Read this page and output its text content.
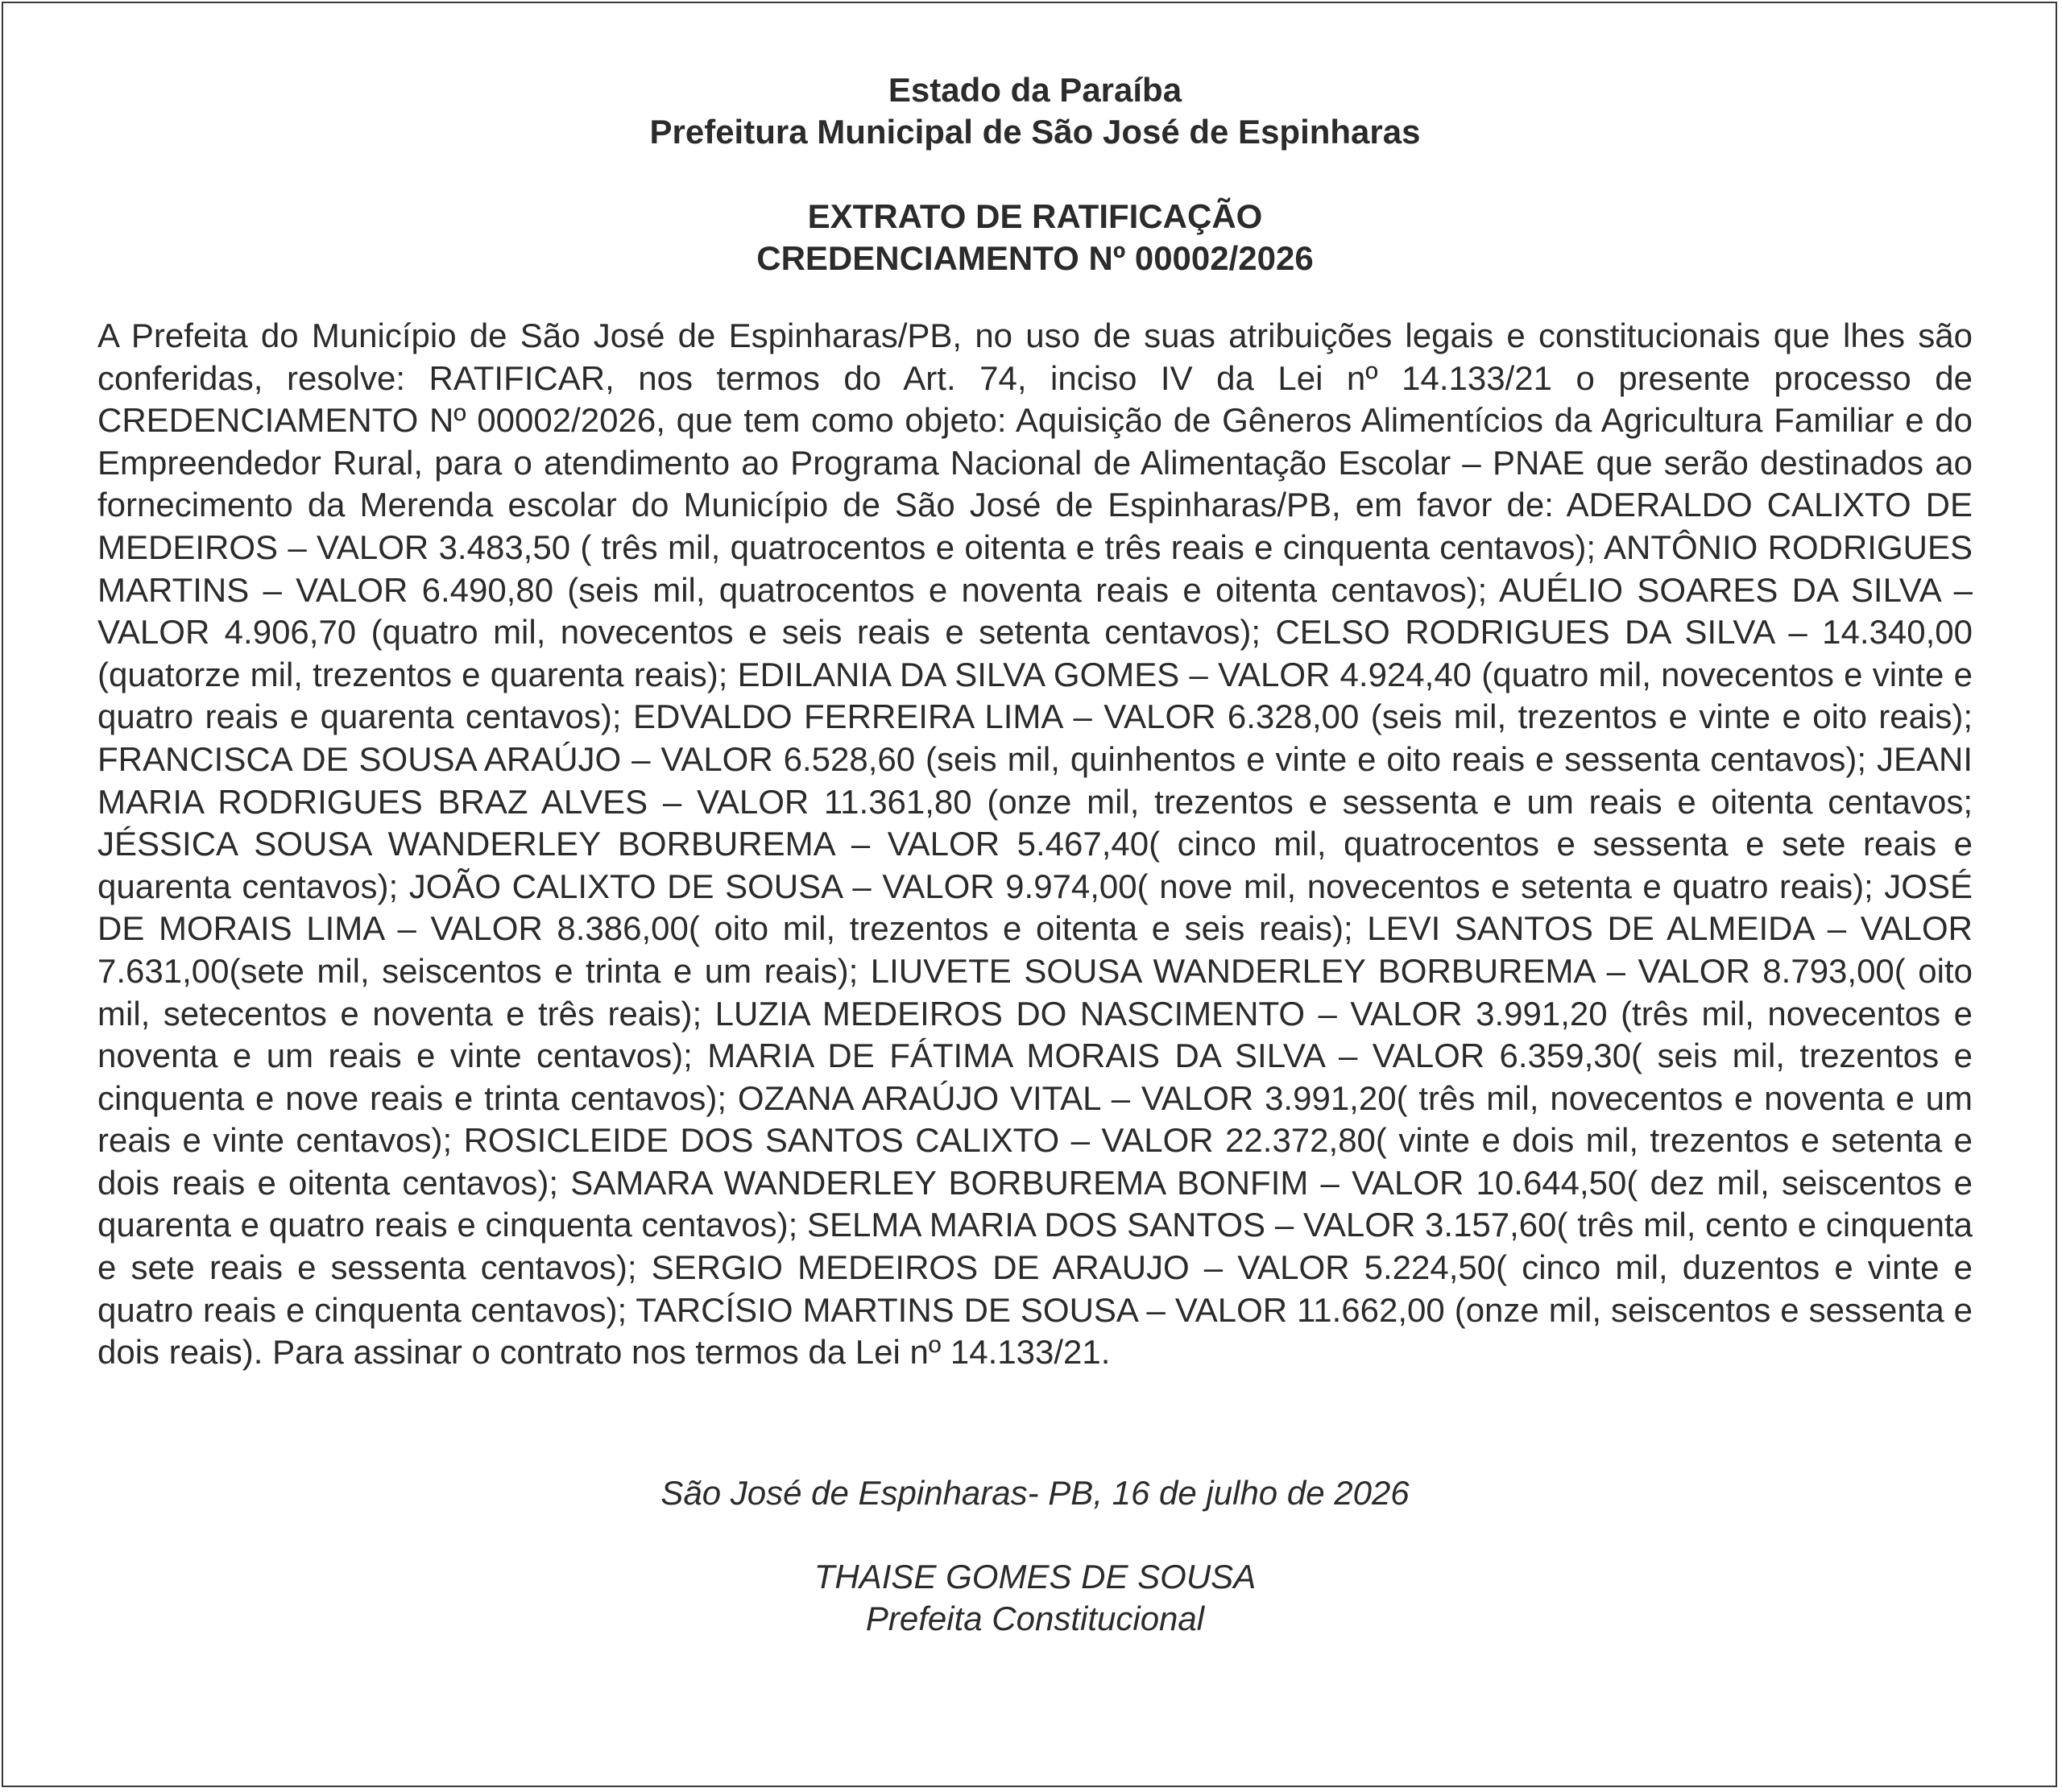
Estado da Paraíba

Prefeitura Municipal de São José de Espinharas

EXTRATO DE RATIFICAÇÃO

CREDENCIAMENTO Nº 00002/2026

A Prefeita do Município de São José de Espinharas/PB, no uso de suas atribuições legais e constitucionais que lhes são conferidas, resolve: RATIFICAR, nos termos do Art. 74, inciso IV da Lei nº 14.133/21 o presente processo de CREDENCIAMENTO Nº 00002/2026, que tem como objeto: Aquisição de Gêneros Alimentícios da Agricultura Familiar e do Empreendedor Rural, para o atendimento ao Programa Nacional de Alimentação Escolar – PNAE que serão destinados ao fornecimento da Merenda escolar do Município de São José de Espinharas/PB, em favor de: ADERALDO CALIXTO DE MEDEIROS – VALOR 3.483,50 ( três mil, quatrocentos e oitenta e três reais e cinquenta centavos); ANTÔNIO RODRIGUES MARTINS – VALOR 6.490,80 (seis mil, quatrocentos e noventa reais e oitenta centavos); AUÉLIO SOARES DA SILVA – VALOR 4.906,70 (quatro mil, novecentos e seis reais e setenta centavos); CELSO RODRIGUES DA SILVA – 14.340,00 (quatorze mil, trezentos e quarenta reais); EDILANIA DA SILVA GOMES – VALOR 4.924,40 (quatro mil, novecentos e vinte e quatro reais e quarenta centavos); EDVALDO FERREIRA LIMA – VALOR 6.328,00 (seis mil, trezentos e vinte e oito reais); FRANCISCA DE SOUSA ARAÚJO – VALOR 6.528,60 (seis mil, quinhentos e vinte e oito reais e sessenta centavos); JEANI MARIA RODRIGUES BRAZ ALVES – VALOR 11.361,80 (onze mil, trezentos e sessenta e um reais e oitenta centavos; JÉSSICA SOUSA WANDERLEY BORBUREMA – VALOR 5.467,40( cinco mil, quatrocentos e sessenta e sete reais e quarenta centavos); JOÃO CALIXTO DE SOUSA – VALOR 9.974,00( nove mil, novecentos e setenta e quatro reais); JOSÉ DE MORAIS LIMA – VALOR 8.386,00( oito mil, trezentos e oitenta e seis reais); LEVI SANTOS DE ALMEIDA – VALOR 7.631,00(sete mil, seiscentos e trinta e um reais); LIUVETE SOUSA WANDERLEY BORBUREMA – VALOR 8.793,00( oito mil, setecentos e noventa e três reais); LUZIA MEDEIROS DO NASCIMENTO – VALOR 3.991,20 (três mil, novecentos e noventa e um reais e vinte centavos); MARIA DE FÁTIMA MORAIS DA SILVA – VALOR 6.359,30( seis mil, trezentos e cinquenta e nove reais e trinta centavos); OZANA ARAÚJO VITAL – VALOR 3.991,20( três mil, novecentos e noventa e um reais e vinte centavos); ROSICLEIDE DOS SANTOS CALIXTO – VALOR 22.372,80( vinte e dois mil, trezentos e setenta e dois reais e oitenta centavos); SAMARA WANDERLEY BORBUREMA BONFIM – VALOR 10.644,50( dez mil, seiscentos e quarenta e quatro reais e cinquenta centavos); SELMA MARIA DOS SANTOS – VALOR 3.157,60( três mil, cento e cinquenta e sete reais e sessenta centavos); SERGIO MEDEIROS DE ARAUJO – VALOR 5.224,50( cinco mil, duzentos e vinte e quatro reais e cinquenta centavos); TARCÍSIO MARTINS DE SOUSA – VALOR 11.662,00 (onze mil, seiscentos e sessenta e dois reais). Para assinar o contrato nos termos da Lei nº 14.133/21.

São José de Espinharas- PB, 16 de julho de 2026

THAISE GOMES DE SOUSA

Prefeita Constitucional
